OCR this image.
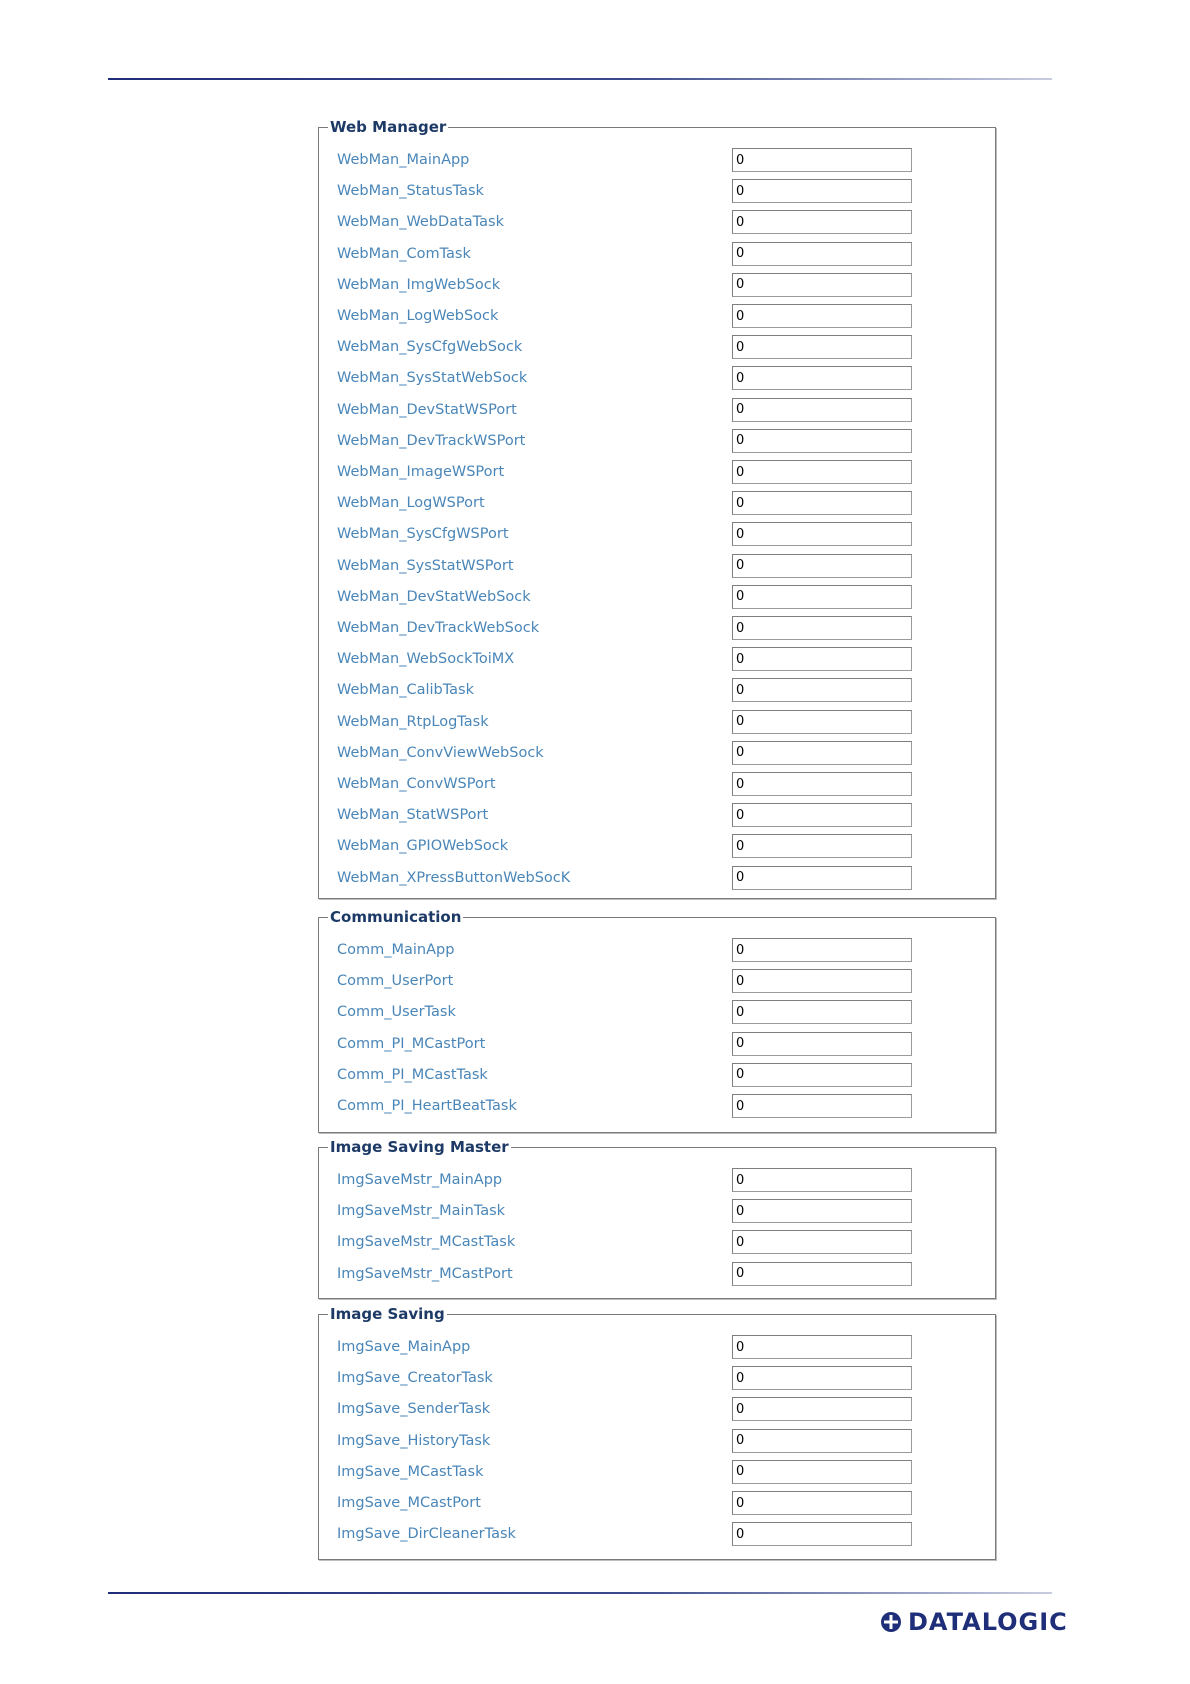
Web Manager
WebMan_MainApp
0
WebMan_StatusTask
0
WebMan_WebDataTask
0
WebMan_ComTask
0
WebMan_ImgWebSock
0
WebMan_LogWebSock
0
WebMan_SysCfgWebSock
0
WebMan_SysStatWebSock
0
WebMan_DevStatWSPort
0
WebMan_DevTrackWSPort
0
WebMan_ImageWSPort
0
WebMan_LogWSPort
0
WebMan_SysCfgWSPort
0
WebMan_SysStatWSPort
0
WebMan_DevStatWebSock
0
WebMan_DevTrackWebSock
0
WebMan_WebSockToiMX
0
WebMan_CalibTask
0
WebMan_RtpLogTask
0
WebMan_ConvViewWebSock
0
WebMan_ConvWSPort
0
WebMan_StatWSPort
0
WebMan_GPIOWebSock
0
WebMan_XPressButtonWebSocK
0
Communication
Comm_MainApp
0
Comm_UserPort
0
Comm_UserTask
0
Comm_PI_MCastPort
0
Comm_PI_MCastTask
0
Comm_PI_HeartBeatTask
0
Image Saving Master
ImgSaveMstr_MainApp
0
ImgSaveMstr_MainTask
0
ImgSaveMstr_MCastTask
0
ImgSaveMstr_MCastPort
0
Image Saving
ImgSave_MainApp
0
ImgSave_CreatorTask
0
ImgSave_SenderTask
0
ImgSave_HistoryTask
0
ImgSave_MCastTask
0
ImgSave_MCastPort
0
ImgSave_DirCleanerTask
0
DATALOGIC
